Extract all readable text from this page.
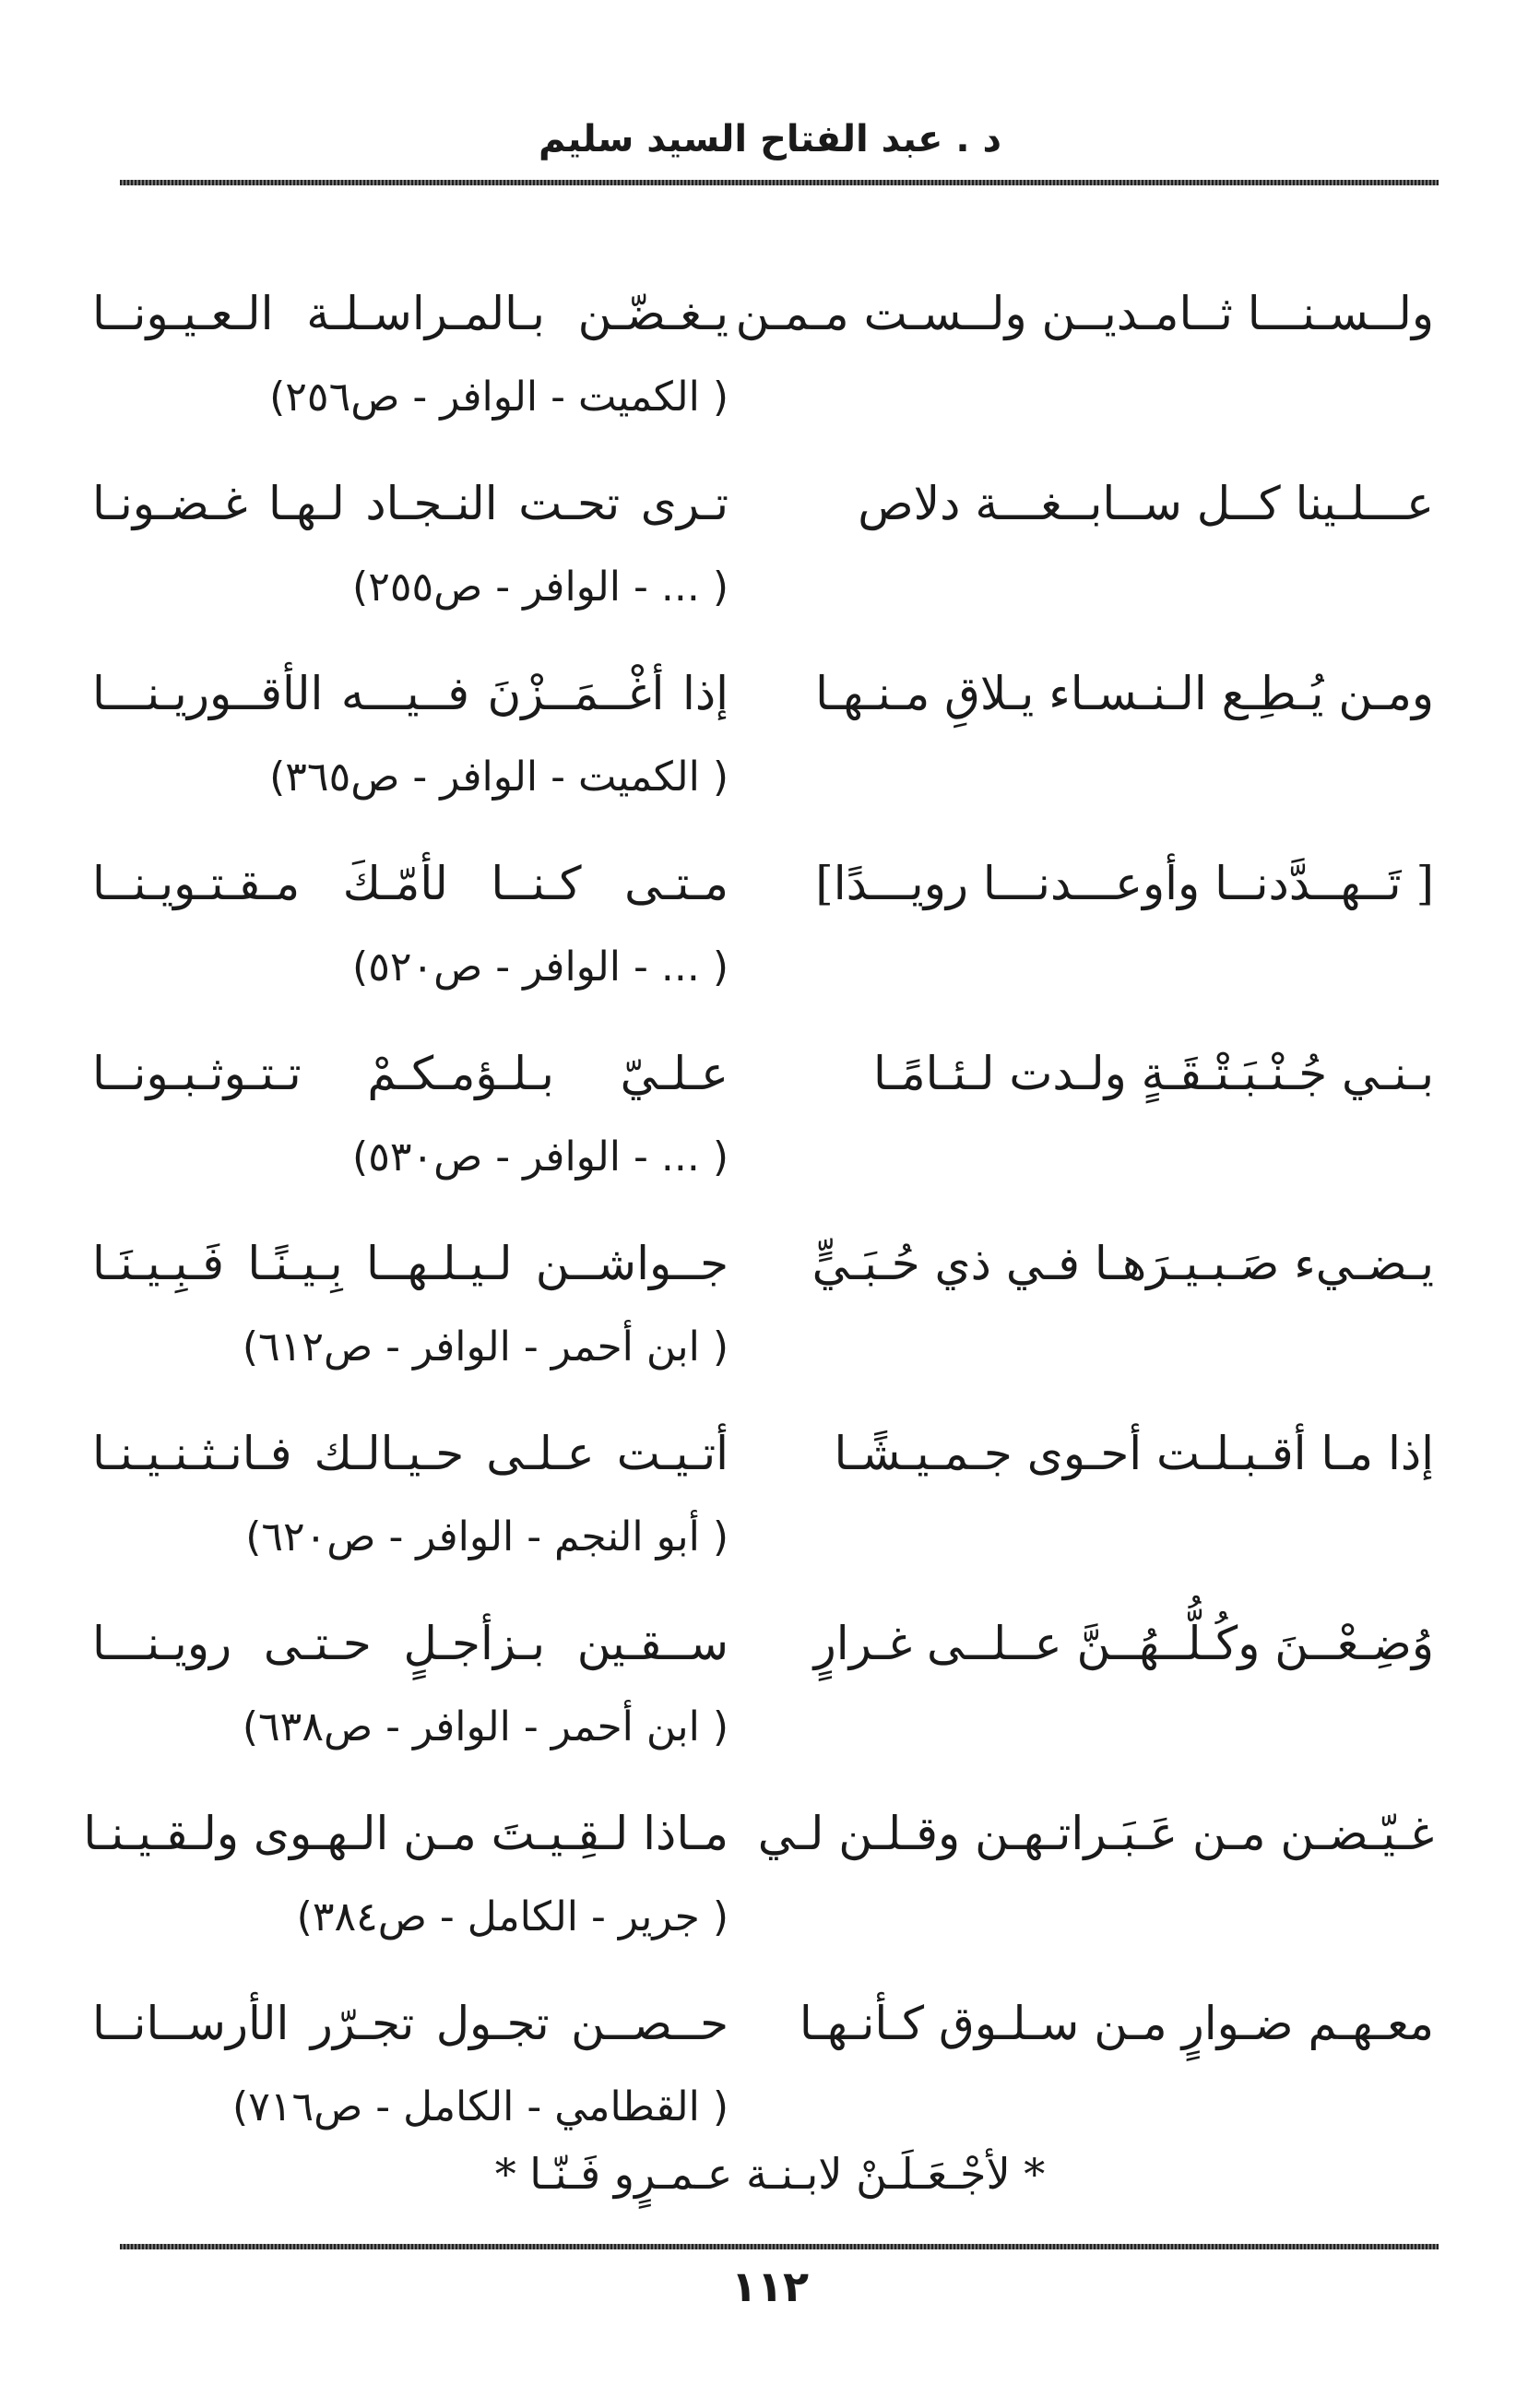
د . عبد الفتاح السيد سليم
ولــسـنـــا ثــامـديــن ولــسـت مـمـن
يـغـضّـن بـالمـراسـلـة الـعـيـونــا
( الكميت - الوافر - ص٢٥٦)
عـــلـينا كــل ســابــغـــة دلاص
تـرى تحـت النـجـاد لـهـا غـضـونـا
( ... - الوافر - ص٢٥٥)
ومـن يُـطِـع الـنـسـاء يـلاقِ مـنـهـا
إذا أغْــمَــزْنَ فــيـــه الأقــوريـنـــا
( الكميت - الوافر - ص٣٦٥)
[ تَــهــدَّدنــا وأوعـــدنـــا رويـــدًا]
مـتـى كـنــا لأمّـكَ مـقـتـويـنــا
( ... - الوافر - ص٥٢٠)
بـنـي جُـنْـبَـتْـقَـةٍ ولـدت لـئـامًـا
عـلـيّ بـلـؤمـكـمْ تـتـوثـبـونــا
( ... - الوافر - ص٥٣٠)
يـضـيء صَـبـيـرَهـا فـي ذي حُـبَـيٍّ
جــواشــن لـيـلـهــا بِـيـنًـا فَـبِـيـنَـا
( ابن أحمر - الوافر - ص٦١٢)
إذا مـا أقـبـلـت أحـوى جـمـيـشًـا
أتـيـت عـلـى حـيـالـك فـانـثـنـيـنـا
( أبو النجم - الوافر - ص٦٢٠)
وُضِـعْــنَ وكُـلُّــهُــنَّ عــلــى غـرارٍ
ســقـين بـزأجـلٍ حـتـى رويـنـــا
( ابن أحمر - الوافر - ص٦٣٨)
غـيّـضـن مـن عَـبَـراتـهـن وقـلـن لـي
مـاذا لـقِـيـتَ مـن الـهـوى ولـقـيـنـا
( جرير - الكامل - ص٣٨٤)
معـهـم ضـوارٍ مـن سـلـوق كـأنـهـا
حــصــن تجـول تجـرّر الأرســانــا
( القطامي - الكامل - ص٧١٦)
* لأجْـعَـلَـنْ لابـنـة عـمـرٍو فَـنّـا *
١١٢
